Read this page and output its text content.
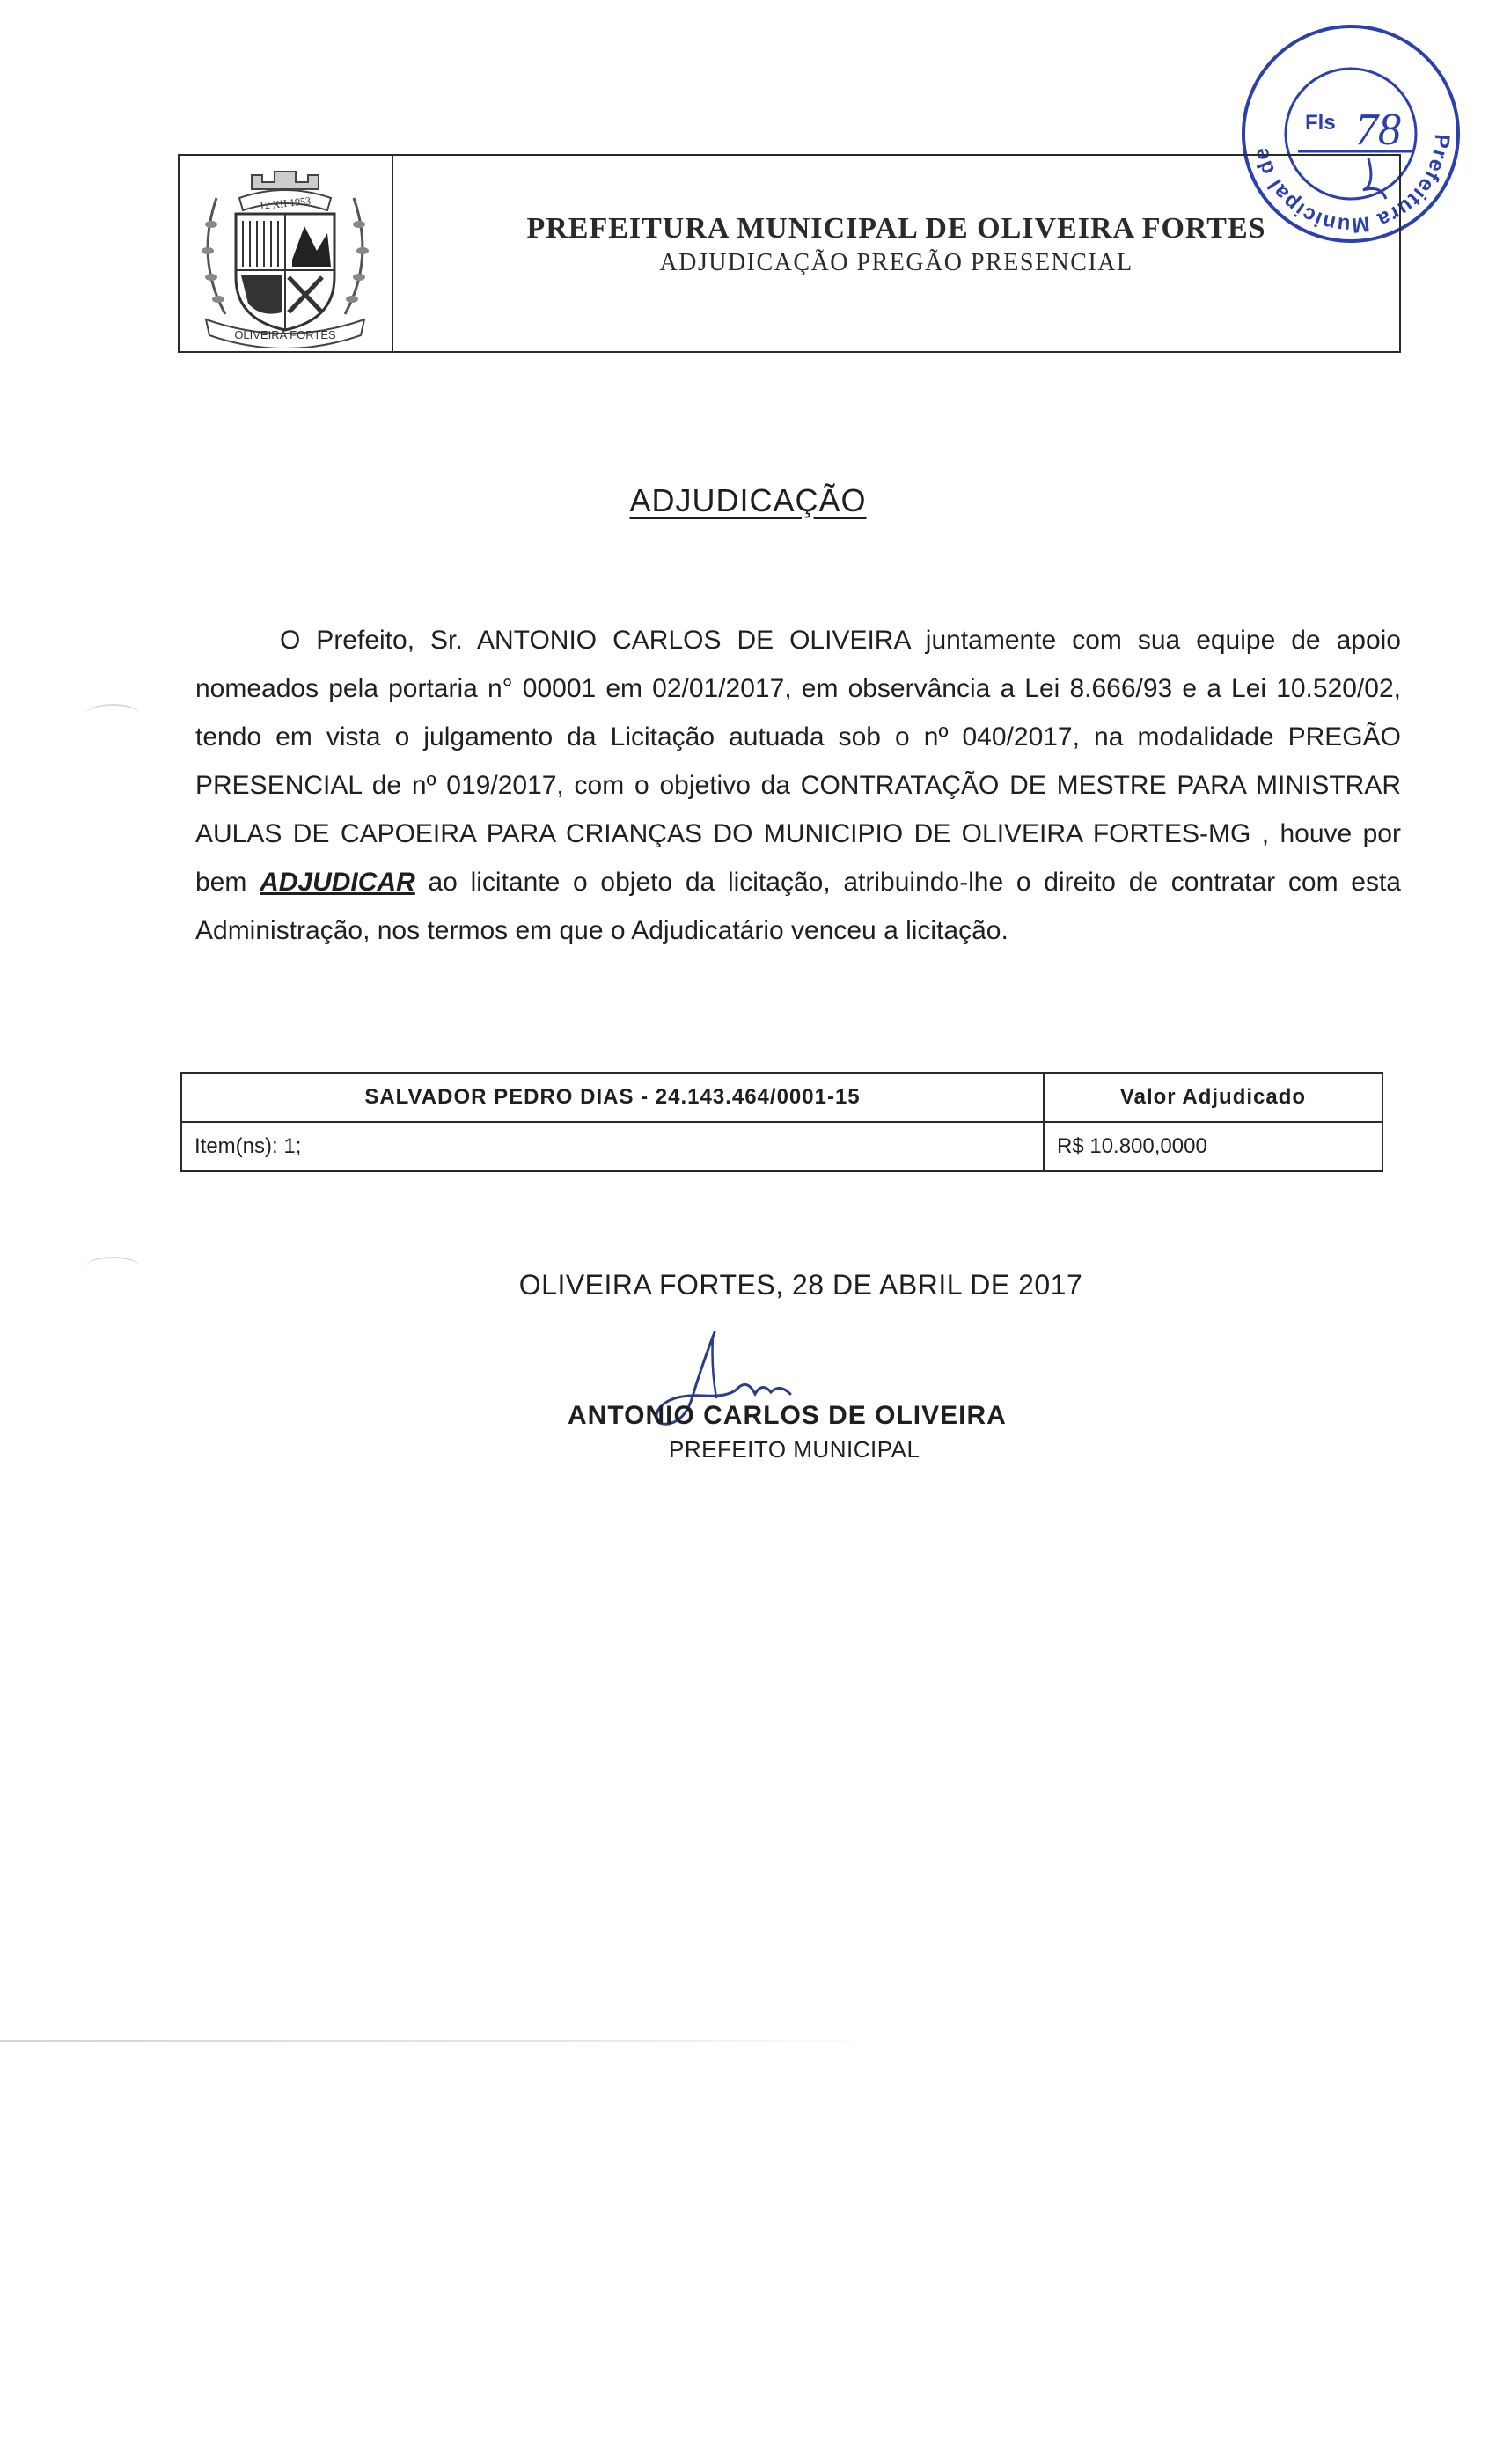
Prefeitura Municipal de
Fls 78
12 XII 1953
OLIVEIRA FORTES
PREFEITURA MUNICIPAL DE OLIVEIRA FORTES
ADJUDICAÇÃO PREGÃO PRESENCIAL
ADJUDICAÇÃO
O Prefeito, Sr. ANTONIO CARLOS DE OLIVEIRA juntamente com sua equipe de apoio nomeados pela portaria n° 00001 em 02/01/2017, em observância a Lei 8.666/93 e a Lei 10.520/02, tendo em vista o julgamento da Licitação autuada sob o nº 040/2017, na modalidade PREGÃO PRESENCIAL de nº 019/2017, com o objetivo da CONTRATAÇÃO DE MESTRE PARA MINISTRAR AULAS DE CAPOEIRA PARA CRIANÇAS DO MUNICIPIO DE OLIVEIRA FORTES-MG , houve por bem ADJUDICAR ao licitante o objeto da licitação, atribuindo-lhe o direito de contratar com esta Administração, nos termos em que o Adjudicatário venceu a licitação.
SALVADOR PEDRO DIAS - 24.143.464/0001-15	Valor Adjudicado
Item(ns): 1;	R$ 10.800,0000
OLIVEIRA FORTES, 28 DE ABRIL DE 2017
ANTONIO CARLOS DE OLIVEIRA
PREFEITO MUNICIPAL
